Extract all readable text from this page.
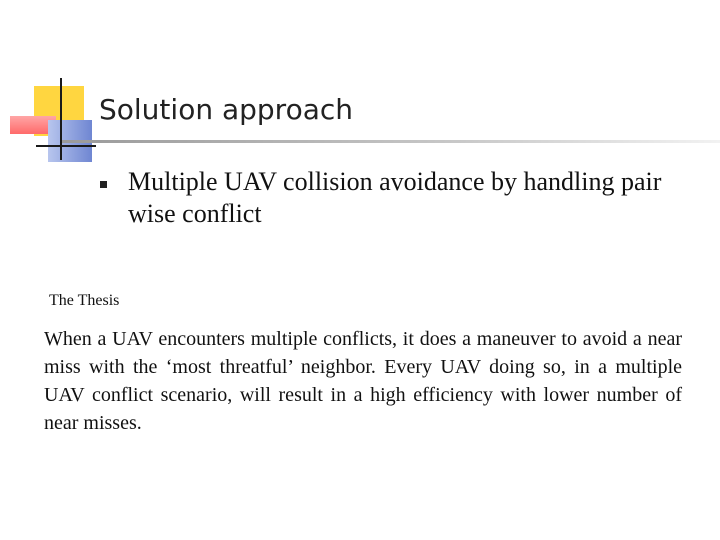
Solution approach
Multiple UAV collision avoidance by handling pair wise conflict
The Thesis
When a UAV encounters multiple conflicts, it does a maneuver to avoid a near miss with the ‘most threatful’ neighbor. Every UAV doing so, in a multiple UAV conflict scenario, will result in a high efficiency with lower number of near misses.
